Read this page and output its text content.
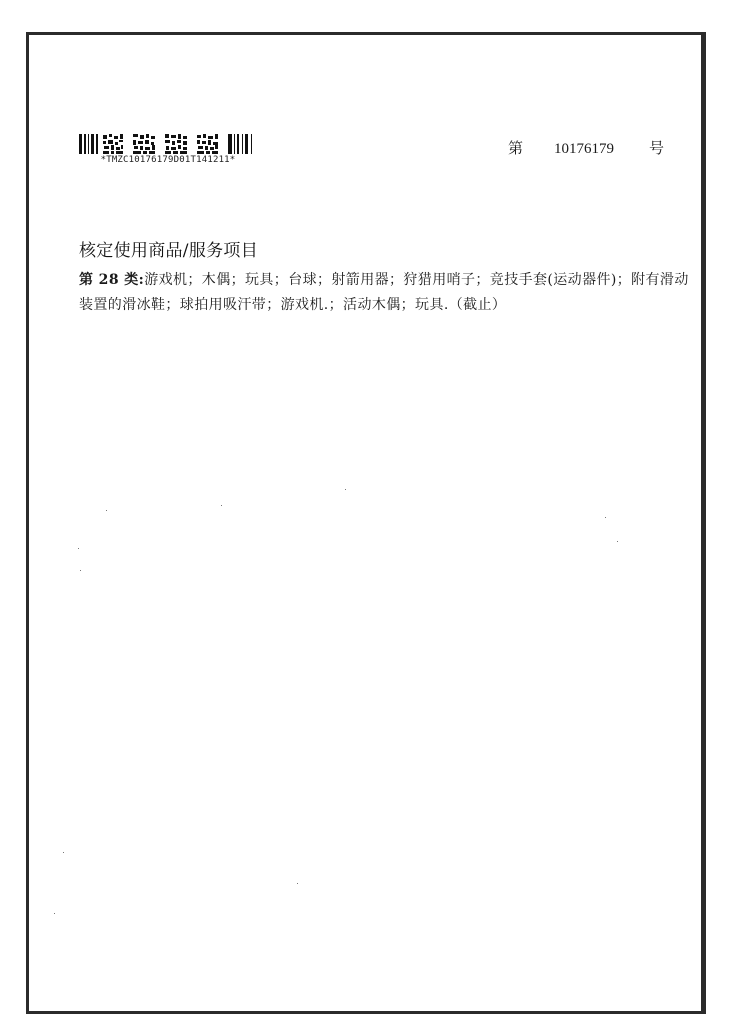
*TMZC10176179D01T141211*
第 10176179 号
核定使用商品/服务项目

第 28 类:游戏机；木偶；玩具；台球；射箭用器；狩猎用哨子；竞技手套(运动器件)；附有滑动装置的滑冰鞋；球拍用吸汗带；游戏机.；活动木偶；玩具.（截止）
